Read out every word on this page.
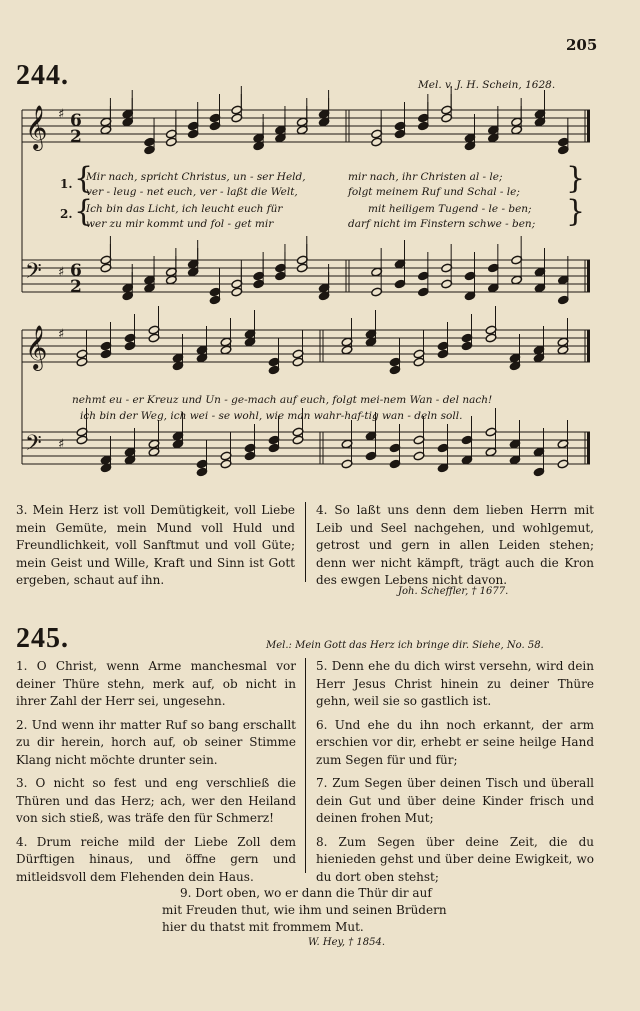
205
244.	Mel. v. J. H. Schein, 1628.
𝄞 ♯ 6
2
𝄢 ♯ 6
2
𝄞 ♯
𝄢 ♯
1.
2.
{
{
}
}
Mir nach, spricht Christus, un - ser Held,	mir nach, ihr Christen al - le;
ver - leug - net euch, ver - laßt die Welt,	folgt meinem Ruf und Schal - le;
Ich bin das Licht, ich leucht euch für	mit heiligem Tugend - le - ben;
wer zu mir kommt und fol - get mir	darf nicht im Finstern schwe - ben;
nehmt eu - er Kreuz und Un - ge-mach auf euch, folgt mei-nem Wan - del nach!
ich bin der Weg, ich wei - se wohl, wie man wahr-haf-tig wan - deln soll.
3. Mein Herz ist voll Demütigkeit, voll Liebe mein Gemüte, mein Mund voll Huld und Freundlichkeit, voll Sanftmut und voll Güte; mein Geist und Wille, Kraft und Sinn ist Gott ergeben, schaut auf ihn.
4. So laßt uns denn dem lieben Herrn mit Leib und Seel nachgehen, und wohlgemut, getrost und gern in allen Leiden stehen; denn wer nicht kämpft, trägt auch die Kron des ewgen Lebens nicht davon.
Joh. Scheffler, † 1677.
245.	Mel.: Mein Gott das Herz ich bringe dir. Siehe, No. 58.
1. O Christ, wenn Arme manchesmal vor deiner Thüre stehn, merk auf, ob nicht in ihrer Zahl der Herr sei, ungesehn.
2. Und wenn ihr matter Ruf so bang erschallt zu dir herein, horch auf, ob seiner Stimme Klang nicht möchte drunter sein.
3. O nicht so fest und eng verschließ die Thüren und das Herz; ach, wer den Heiland von sich stieß, was träfe den für Schmerz!
4. Drum reiche mild der Liebe Zoll dem Dürftigen hinaus, und öffne gern und mitleidsvoll dem Flehenden dein Haus.
5. Denn ehe du dich wirst versehn, wird dein Herr Jesus Christ hinein zu deiner Thüre gehn, weil sie so gastlich ist.
6. Und ehe du ihn noch erkannt, der arm erschien vor dir, erhebt er seine heilge Hand zum Segen für und für;
7. Zum Segen über deinen Tisch und überall dein Gut und über deine Kinder frisch und deinen frohen Mut;
8. Zum Segen über deine Zeit, die du hienieden gehst und über deine Ewigkeit, wo du dort oben stehst;
9. Dort oben, wo er dann die Thür dir auf
mit Freuden thut, wie ihm und seinen Brüdern
hier du thatst mit frommem Mut.
W. Hey, † 1854.
